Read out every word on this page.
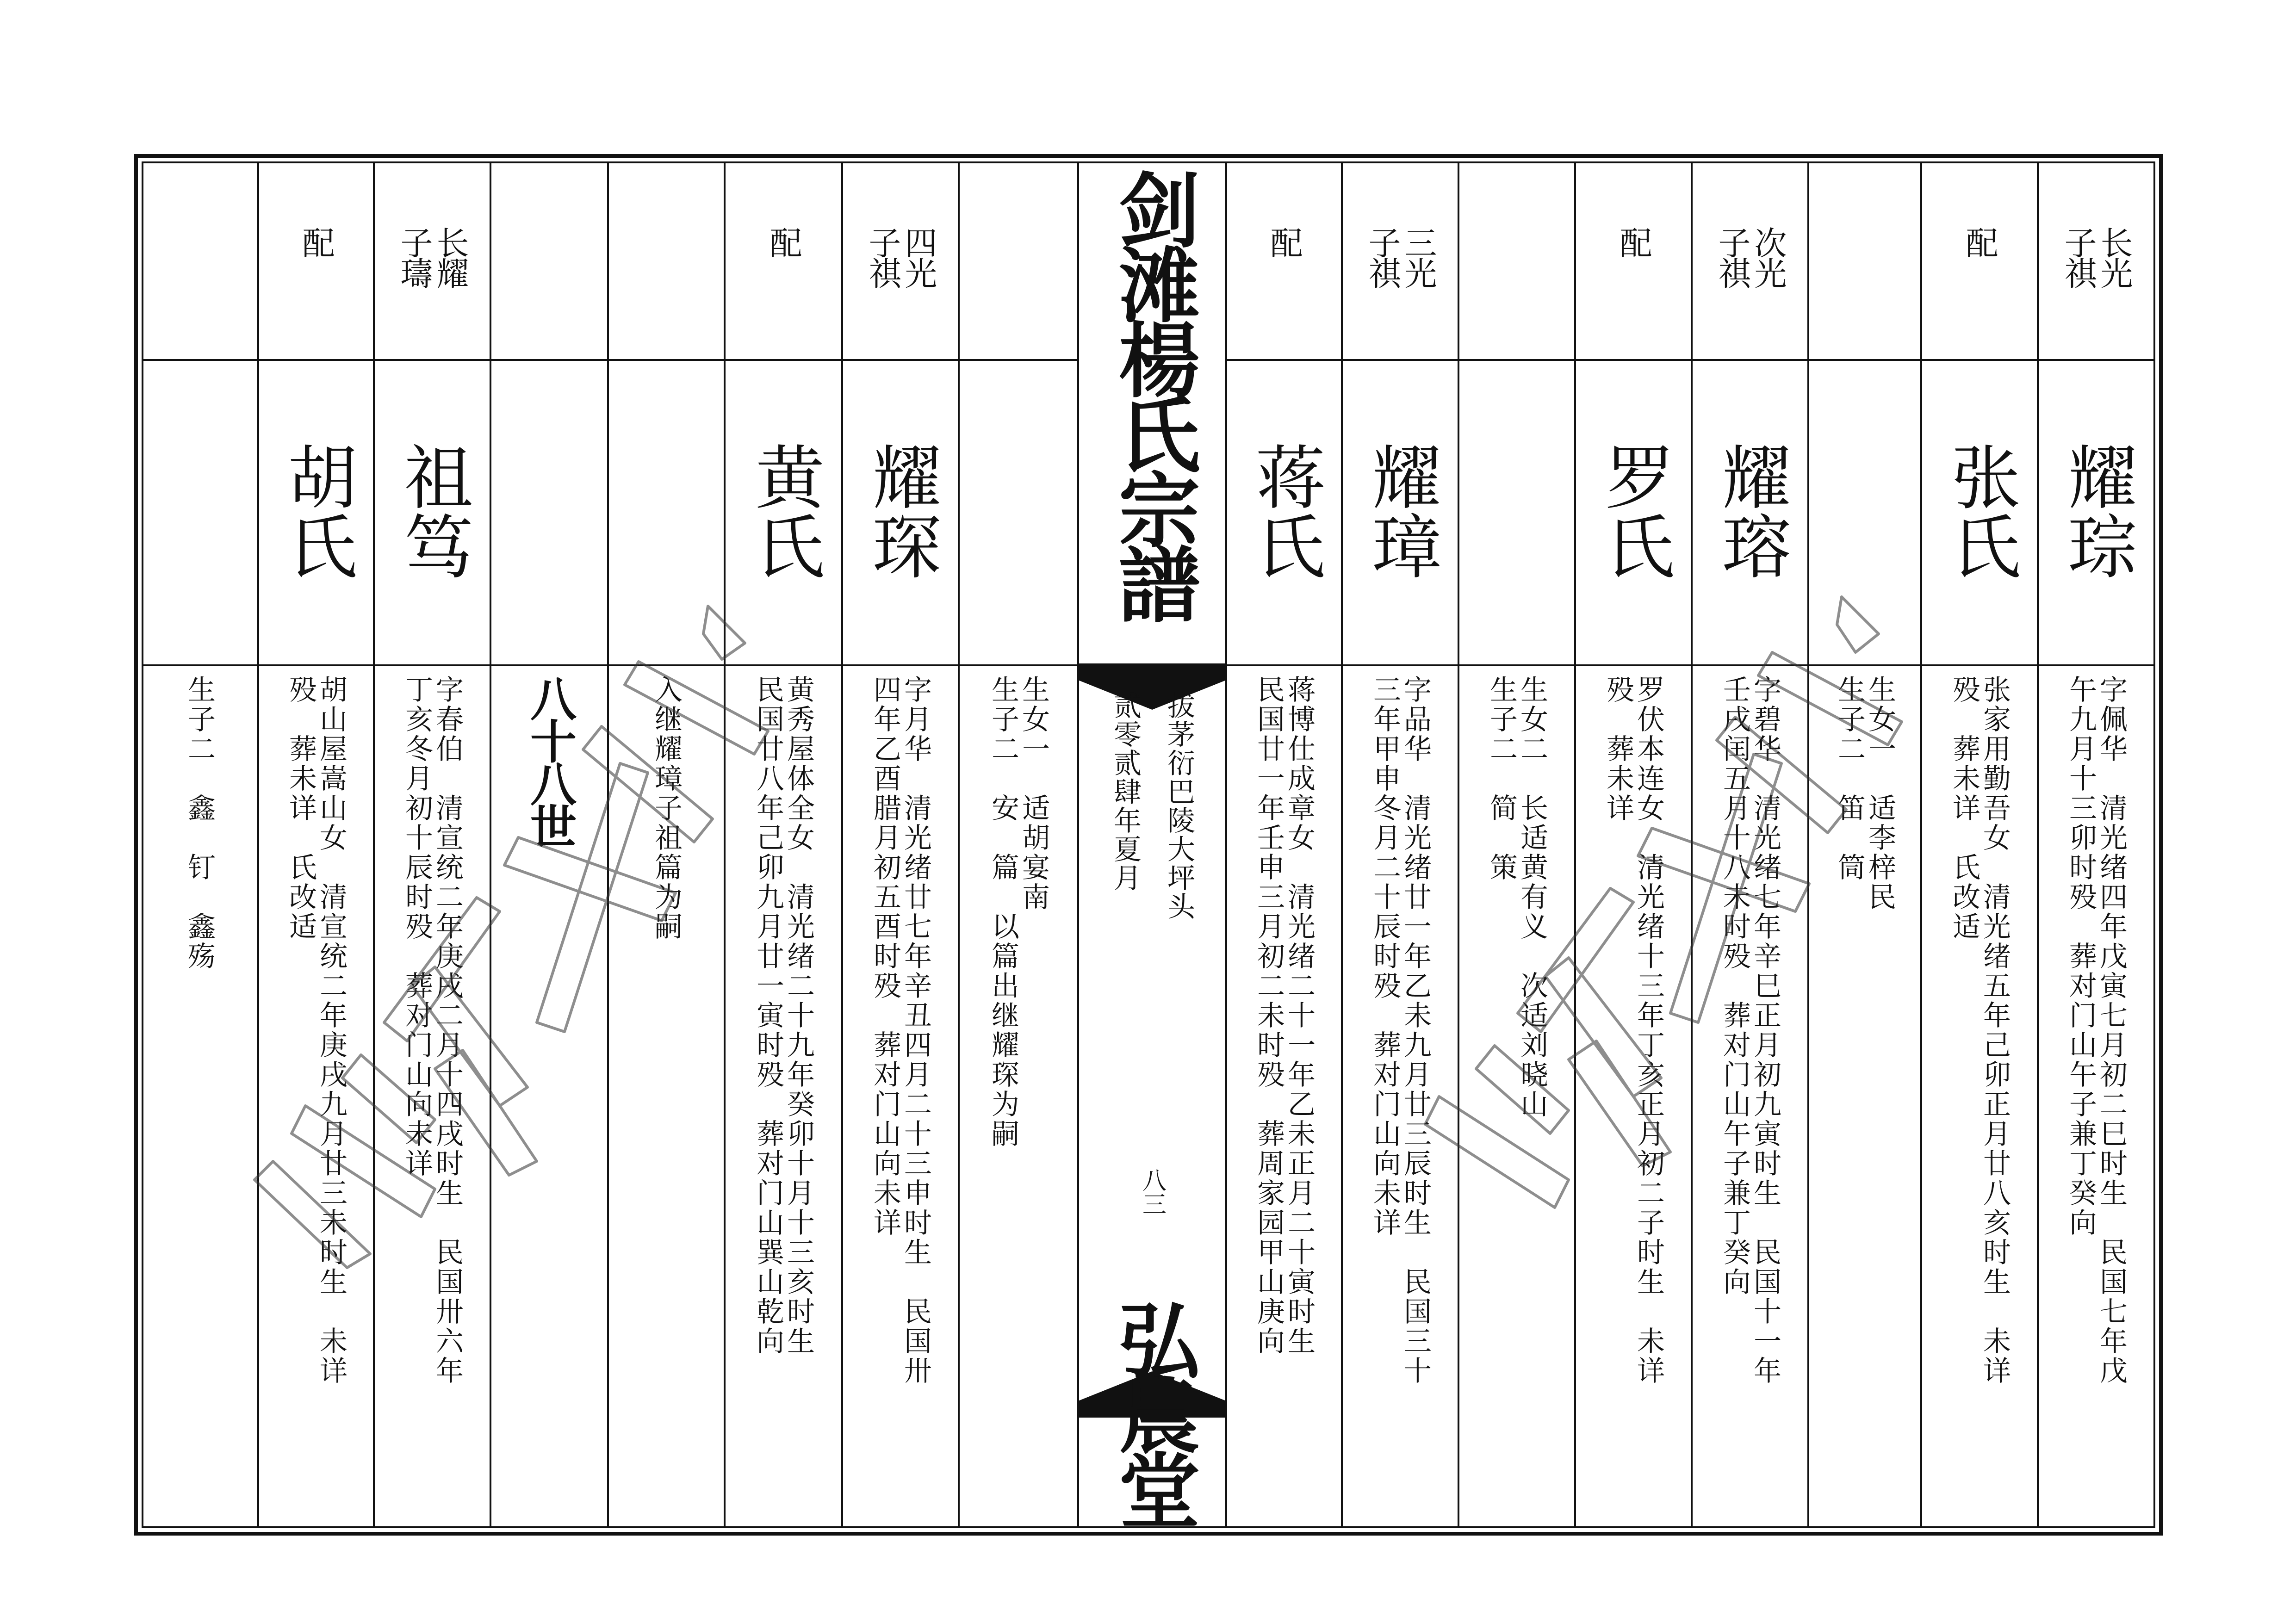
生子二　鑫　钉　鑫殇
配
胡氏
胡山屋嵩山女　清宣统二年庚戌九月廿三未时生　未详
殁　葬未详　氏改适
长耀
子璹
祖笃
字春伯　清宣统二年庚戌二月十四戌时生　民国卅六年
丁亥冬月初十辰时殁　葬对门山向未详
八十八世	入继耀璋子祖篇为嗣
配
黄氏
黄秀屋体全女　清光绪二十九年癸卯十月十三亥时生
民国廿八年己卯九月廿一寅时殁　葬对门山巽山乾向
四光
子祺
耀琛
字月华　清光绪廿七年辛丑四月二十三申时生　民国卅
四年乙酉腊月初五酉时殁　葬对门山向未详
生女一　适胡宴南
生子二　安　篇　以篇出继耀琛为嗣
剑滩楊氏宗譜
贰零贰肆年夏月 拔茅衍巴陵大坪头
八三
弘農堂
配
蒋氏
蒋博仕成章女　清光绪二十一年乙未正月二十寅时生
民国廿一年壬申三月初二未时殁　葬周家园甲山庚向
三光
子祺
耀璋
字品华　清光绪廿一年乙未九月廿三辰时生　民国三十
三年甲申冬月二十辰时殁　葬对门山向未详
生女二　长适黄有义　次适刘晓山
生子二　简　策
配
罗氏
罗伏本连女　清光绪十三年丁亥正月初二子时生　未详
殁　葬未详
次光
子祺
耀瑢
字碧华　清光绪七年辛巳正月初九寅时生　民国十一年
壬戌闰五月十八未时殁　葬对门山午子兼丁癸向
生女一　适李梓民
生子二　笛　筒
配
张氏
张家用勤吾女　清光绪五年己卯正月廿八亥时生　未详
殁　葬未详　氏改适
长光
子祺
耀琮
字佩华　清光绪四年戊寅七月初二巳时生　民国七年戊
午九月十三卯时殁　葬对门山午子兼丁癸向
